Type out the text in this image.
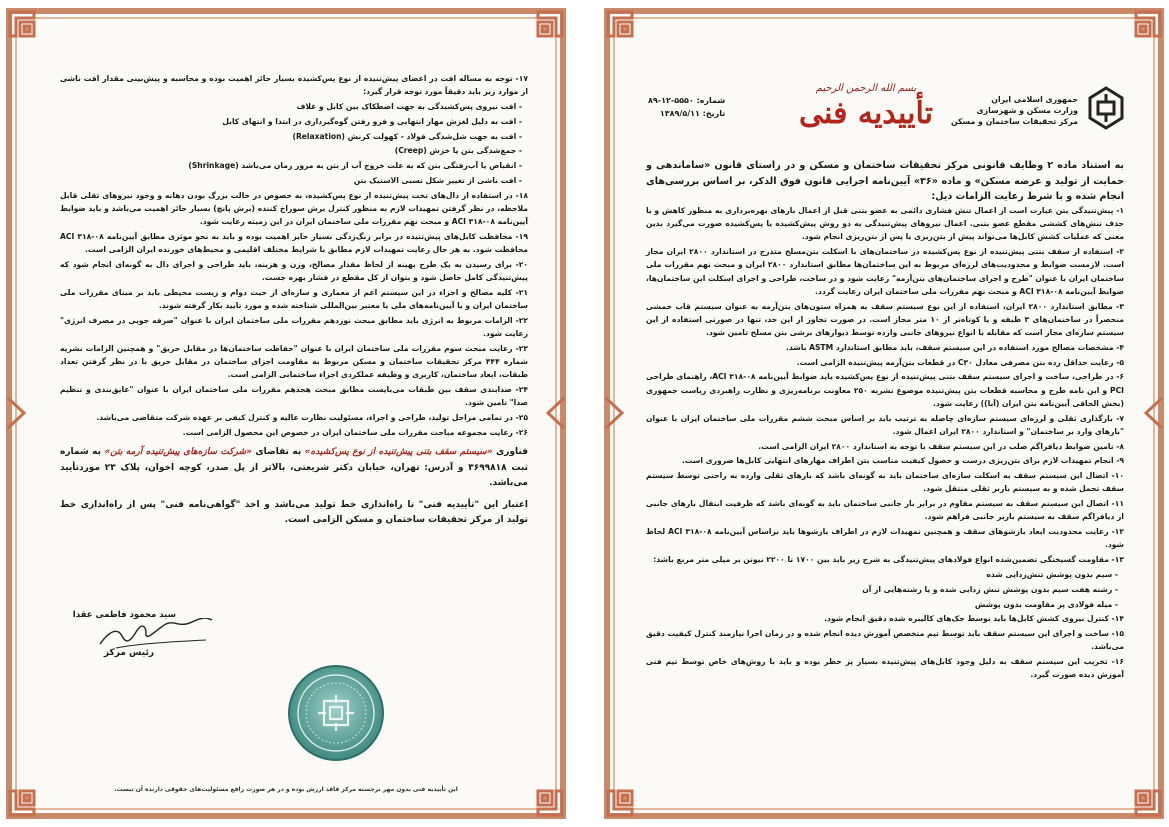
۱۷- توجه به مساله افت در اعضای پیش‌تنیده از نوع پس‌کشیده بسیار حائز اهمیت بوده و محاسبه و پیش‌بینی مقدار افت ناشی از موارد زیر باید دقیقاً مورد توجه قرار گیرد:

- افت نیروی پس‌کشیدگی به جهت اصطکاک بین کابل و غلاف

- افت به دلیل لغزش مهار انتهایی و فرو رفتن گوه‌گیرداری در ابتدا و انتهای کابل

- افت به جهت شل‌شدگی فولاد - کهولت کرنش (Relaxation)

- جمع‌شدگی بتن یا خزش (Creep)

- انقباض یا آب‌رفتگی بتن که به علت خروج آب از بتن به مرور زمان می‌باشد (Shrinkage)

- افت ناشی از تغییر شکل نسبی الاستیک بتن

۱۸- در استفاده از دال‌های تخت پیش‌تنیده از نوع پس‌کشیده، به خصوص در حالت بزرگ بودن دهانه و وجود نیروهای ثقلی قابل ملاحظه، در نظر گرفتن تمهیدات لازم به منظور کنترل برش سوراخ کننده (برش پانچ) بسیار حائز اهمیت می‌باشد و باید ضوابط آیین‌نامه ACI ۳۱۸-۰۸ و مبحث نهم مقررات ملی ساختمان ایران در این زمینه رعایت شود.

۱۹- محافظت کابل‌های پیش‌تنیده در برابر زنگ‌زدگی بسیار حایز اهمیت بوده و باید به نحو موثری مطابق آیین‌نامه ACI ۳۱۸-۰۸ محافظت شود. به هر حال رعایت تمهیدات لازم مطابق با شرایط مختلف اقلیمی و محیط‌های خورنده ایران الزامی است.

۲۰- برای رسیدن به یک طرح بهینه از لحاظ مقدار مصالح، وزن و هزینه، باید طراحی و اجرای دال به گونه‌ای انجام شود که پیش‌تنیدگی کامل حاصل شود و بتوان از کل مقطع در فشار بهره جست.

۲۱- کلیه مصالح و اجزاء در این سیستم اعم از معماری و سازه‌ای از حیث دوام و زیست محیطی باید بر مبنای مقررات ملی ساختمان ایران و یا آیین‌نامه‌های ملی یا معتبر بین‌المللی شناخته شده و مورد تایید بکار گرفته شوند.

۲۲- الزامات مربوط به انرژی باید مطابق مبحث نوزدهم مقررات ملی ساختمان ایران با عنوان "صرفه جویی در مصرف انرژی" رعایت شود.

۲۳- رعایت مبحث سوم مقررات ملی ساختمان ایران با عنوان "حفاظت ساختمان‌ها در مقابل حریق" و همچنین الزامات نشریه شماره ۴۴۴ مرکز تحقیقات ساختمان و مسکن مربوط به مقاومت اجزای ساختمان در مقابل حریق با در نظر گرفتن تعداد طبقات، ابعاد ساختمان، کاربری و وظیفه عملکردی اجزاء ساختمانی الزامی است.

۲۴- صدابندی سقف بین طبقات می‌بایست مطابق مبحث هجدهم مقررات ملی ساختمان ایران با عنوان "عایق‌بندی و تنظیم صدا" تامین شود.

۲۵- در تمامی مراحل تولید، طراحی و اجراء، مسئولیت نظارت عالیه و کنترل کیفی بر عهده شرکت متقاضی می‌باشد.

۲۶- رعایت مجموعه مباحث مقررات ملی ساختمان ایران در خصوص این محصول الزامی است.

فناوری «سیستم سقف بتنی پیش‌تنیده از نوع پس‌کشیده» به تقاضای «شرکت سازه‌های پیش‌تنیده آرمه بتن» به شماره ثبت ۳۶۹۹۸۱۸ و آدرس: تهران، خیابان دکتر شریعتی، بالاتر از پل صدر، کوچه اخوان، پلاک ۲۳ موردتأیید می‌باشد.

اعتبار این "تأییدیه فنی" تا راه‌اندازی خط تولید می‌باشد و اخذ "گواهی‌نامه فنی" پس از راه‌اندازی خط تولید از مرکز تحقیقات ساختمان و مسکن الزامی است.

سید محمود فاطمی عقدا
رئیس مرکز
این تأییدیه فنی بدون مهر برجسته مرکز فاقد ارزش بوده و در هر صورت رافع مسئولیت‌های حقوقی دارنده آن نیست.
جمهوری اسلامی ایران
وزارت مسکن و شهرسازی
مرکز تحقیقات ساختمان و مسکن
بسم الله الرحمن الرحیم
تأییدیه فنی
شماره: ۵۵۵۰-۱۲-۸۹
تاریخ: ۱۳۸۹/۵/۱۱
به استناد ماده ۲ وظایف قانونی مرکز تحقیقات ساختمان و مسکن و در راستای قانون «ساماندهی و حمایت از تولید و عرضه مسکن» و ماده «۳۶» آیین‌نامه اجرایی قانون فوق الذکر، بر اساس بررسی‌های انجام شده و با شرط رعایت الزامات ذیل:

۱- پیش‌تنیدگی بتن عبارت است از اعمال تنش فشاری دائمی به عضو بتنی قبل از اعمال بارهای بهره‌برداری به منظور کاهش و یا حذف تنش‌های کششی مقطع عضو بتنی. اعمال نیروهای پیش‌تنیدگی به دو روش پیش‌کشیده یا پس‌کشیده صورت می‌گیرد بدین معنی که عملیات کشش کابل‌ها می‌تواند پیش از بتن‌ریزی یا پس از بتن‌ریزی انجام شود.

۲- استفاده از سقف بتنی پیش‌تنیده از نوع پس‌کشیده در ساختمان‌های با اسکلت بتن‌مسلح متدرج در استاندارد ۲۸۰۰ ایران مجاز است. لازمست ضوابط و محدودیت‌های لرزه‌ای مربوط به این ساختمان‌ها مطابق استاندارد ۲۸۰۰ ایران و مبحث نهم مقررات ملی ساختمان ایران با عنوان "طرح و اجرای ساختمان‌های بتن‌آرمه" رعایت شود و در ساخت، طراحی و اجرای اسکلت این ساختمان‌ها، ضوابط آیین‌نامه ACI ۳۱۸-۰۸ و مبحث نهم مقررات ملی ساختمان ایران رعایت گردد.

۳- مطابق استاندارد ۲۸۰۰ ایران، استفاده از این نوع سیستم سقف به همراه ستون‌های بتن‌آرمه به عنوان سیستم قاب خمشی منحصراً در ساختمان‌های ۳ طبقه و یا کوتاه‌تر از ۱۰ متر مجاز است. در صورت تجاوز از این حد، تنها در صورتی استفاده از این سیستم سازه‌ای مجاز است که مقابله با انواع نیروهای جانبی وارده توسط دیوارهای برشی بتن مسلح تامین شود.

۴- مشخصات مصالح مورد استفاده در این سیستم سقف، باید مطابق استاندارد ASTM باشد.

۵- رعایت حداقل رده بتن مصرفی معادل C۳۰ در قطعات بتن‌آرمه پیش‌تنیده الزامی است.

۶- در طراحی، ساخت و اجرای سیستم سقف بتنی پیش‌تنیده از نوع پس‌کشیده باید ضوابط آیین‌نامه ACI ۳۱۸-۰۸، راهنمای طراحی PCI و این نامه طرح و محاسبه قطعات بتن پیش‌تنیده موضوع نشریه ۲۵۰ معاونت برنامه‌ریزی و نظارت راهبردی ریاست جمهوری (بخش الحاقی آیین‌نامه بتن ایران (آبا)) رعایت شود.

۷- بارگذاری ثقلی و لرزه‌ای سیستم سازه‌ای چاصله به ترتیب باید بر اساس مبحث ششم مقررات ملی ساختمان ایران با عنوان "بارهای وارد بر ساختمان" و استاندارد ۲۸۰۰ ایران اعمال شود.

۸- تامین ضوابط دیافراگم صلب در این سیستم سقف با توجه به استاندارد ۲۸۰۰ ایران الزامی است.

۹- انجام تمهیدات لازم برای بتن‌ریزی درست و حصول کیفیت مناسب بتن اطراف مهارهای انتهایی کابل‌ها ضروری است.

۱۰- اتصال این سیستم سقف به اسکلت سازه‌ای ساختمان باید به گونه‌ای باشد که بارهای ثقلی وارده به راحتی توسط سیستم سقف تحمل شده و به سیستم باربر ثقلی منتقل شود.

۱۱- اتصال این سیستم سقف به سیستم مقاوم در برابر بار جانبی ساختمان باید به گونه‌ای باشد که ظرفیت انتقال بارهای جانبی از دیافراگم سقف به سیستم باربر جانبی فراهم شود.

۱۲- رعایت محدودیت ابعاد بازشوهای سقف و همچنین تمهیدات لازم در اطراف بازشوها باید براساس آیین‌نامه ACI ۳۱۸-۰۸ لحاظ شود.

۱۳- مقاومت گسیختگی تضمین‌شده انواع فولادهای پیش‌تنیدگی به شرح زیر باید بین ۱۷۰۰ تا ۲۲۰۰ نیوتن بر میلی متر مربع باشد:

- سیم بدون پوشش تنش‌زدایی شده

- رشته هفت سیم بدون پوشش تنش زدایی شده و یا رشته‌هایی از آن

- میله فولادی پر مقاومت بدون پوشش

۱۴- کنترل نیروی کشش کابل‌ها باید توسط جک‌های کالیبره شده دقیق انجام شود.

۱۵- ساخت و اجرای این سیستم سقف باید توسط تیم متخصص آموزش دیده انجام شده و در زمان اجرا نیازمند کنترل کیفیت دقیق می‌باشد.

۱۶- تخریب این سیستم سقف به دلیل وجود کابل‌های پیش‌تنیده بسیار پر خطر بوده و باید با روش‌های خاص توسط تیم فنی آموزش دیده صورت گیرد.
